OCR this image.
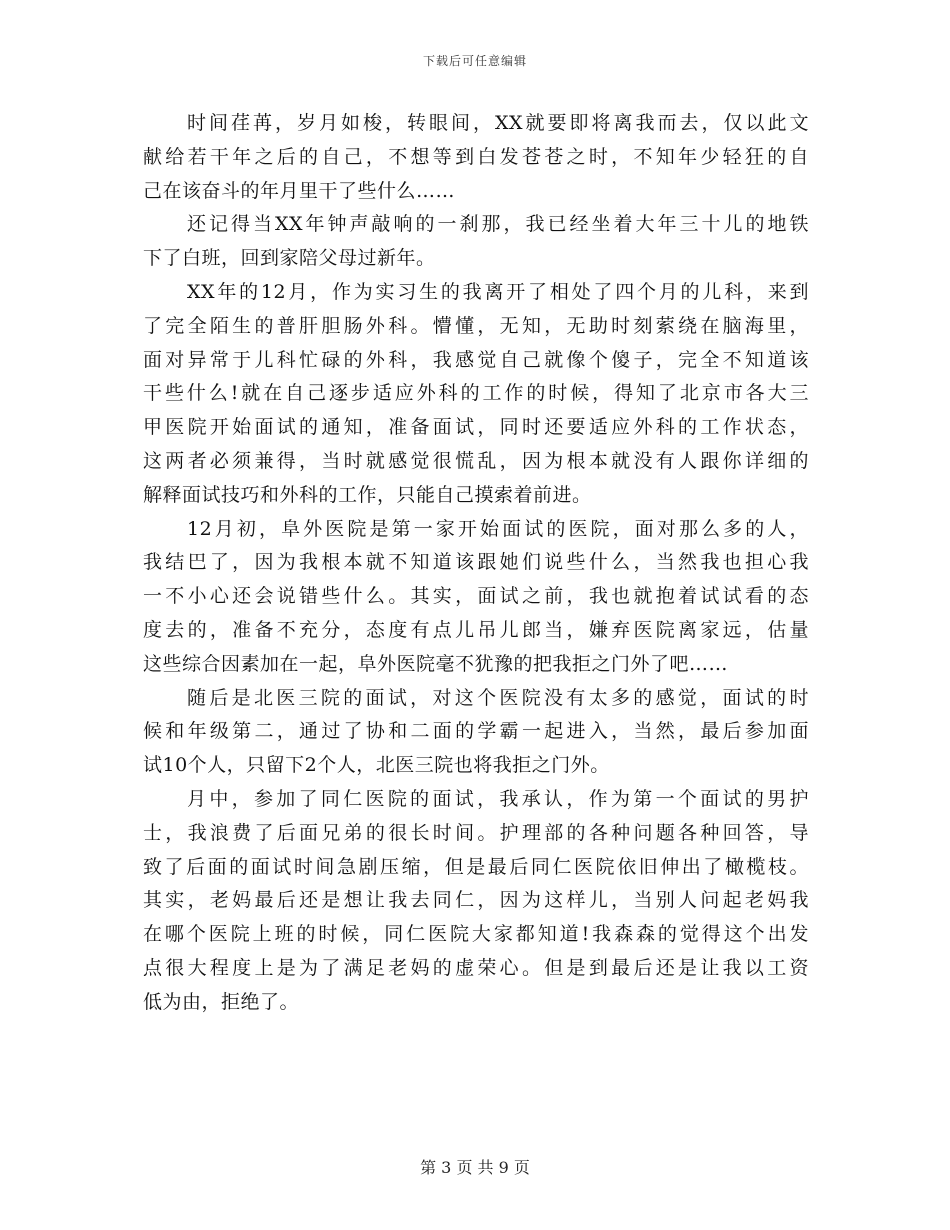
下载后可任意编辑
时间荏苒，岁月如梭，转眼间，XX就要即将离我而去，仅以此文
献给若干年之后的自己，不想等到白发苍苍之时，不知年少轻狂的自
己在该奋斗的年月里干了些什么……
还记得当XX年钟声敲响的一刹那，我已经坐着大年三十儿的地铁
下了白班，回到家陪父母过新年。
XX年的12月，作为实习生的我离开了相处了四个月的儿科，来到
了完全陌生的普肝胆肠外科。懵懂，无知，无助时刻萦绕在脑海里，
面对异常于儿科忙碌的外科，我感觉自己就像个傻子，完全不知道该
干些什么!就在自己逐步适应外科的工作的时候，得知了北京市各大三
甲医院开始面试的通知，准备面试，同时还要适应外科的工作状态，
这两者必须兼得，当时就感觉很慌乱，因为根本就没有人跟你详细的
解释面试技巧和外科的工作，只能自己摸索着前进。
12月初，阜外医院是第一家开始面试的医院，面对那么多的人，
我结巴了，因为我根本就不知道该跟她们说些什么，当然我也担心我
一不小心还会说错些什么。其实，面试之前，我也就抱着试试看的态
度去的，准备不充分，态度有点儿吊儿郎当，嫌弃医院离家远，估量
这些综合因素加在一起，阜外医院毫不犹豫的把我拒之门外了吧……
随后是北医三院的面试，对这个医院没有太多的感觉，面试的时
候和年级第二，通过了协和二面的学霸一起进入，当然，最后参加面
试10个人，只留下2个人，北医三院也将我拒之门外。
月中，参加了同仁医院的面试，我承认，作为第一个面试的男护
士，我浪费了后面兄弟的很长时间。护理部的各种问题各种回答，导
致了后面的面试时间急剧压缩，但是最后同仁医院依旧伸出了橄榄枝。
其实，老妈最后还是想让我去同仁，因为这样儿，当别人问起老妈我
在哪个医院上班的时候，同仁医院大家都知道!我森森的觉得这个出发
点很大程度上是为了满足老妈的虚荣心。但是到最后还是让我以工资
低为由，拒绝了。
第 3 页 共 9 页
